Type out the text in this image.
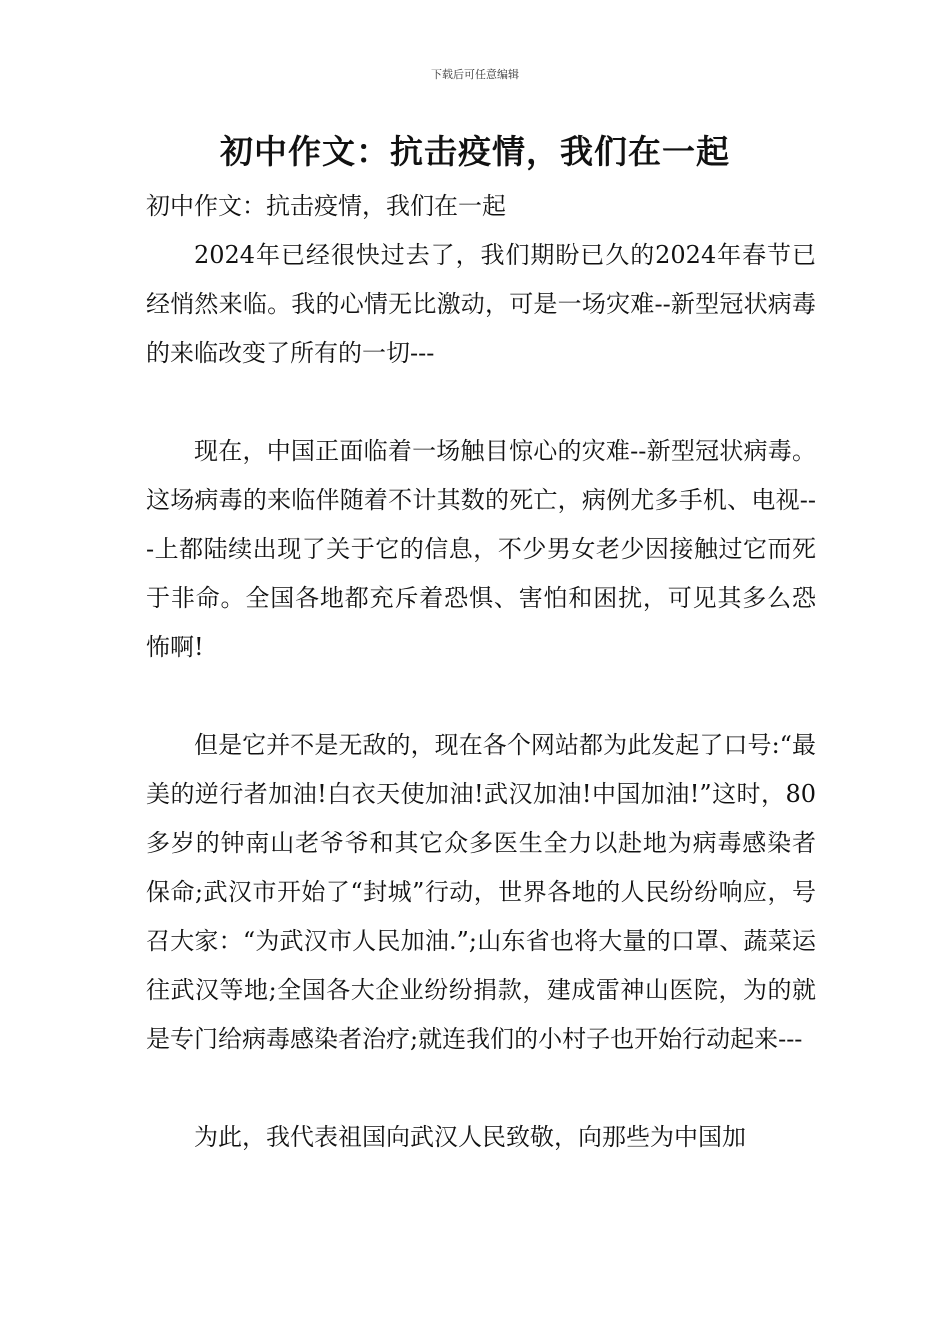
下载后可任意编辑
初中作文：抗击疫情，我们在一起

初中作文：抗击疫情，我们在一起

2024年已经很快过去了，我们期盼已久的2024年春节已经悄然来临。我的心情无比激动，可是一场灾难--新型冠状病毒的来临改变了所有的一切---

现在，中国正面临着一场触目惊心的灾难--新型冠状病毒。这场病毒的来临伴随着不计其数的死亡，病例尤多手机、电视---上都陆续出现了关于它的信息，不少男女老少因接触过它而死于非命。全国各地都充斥着恐惧、害怕和困扰，可见其多么恐怖啊!

但是它并不是无敌的，现在各个网站都为此发起了口号:“最美的逆行者加油!白衣天使加油!武汉加油!中国加油!”这时，80多岁的钟南山老爷爷和其它众多医生全力以赴地为病毒感染者保命;武汉市开始了“封城”行动，世界各地的人民纷纷响应，号召大家：“为武汉市人民加油.”;山东省也将大量的口罩、蔬菜运往武汉等地;全国各大企业纷纷捐款，建成雷神山医院，为的就是专门给病毒感染者治疗;就连我们的小村子也开始行动起来---

为此，我代表祖国向武汉人民致敬，向那些为中国加
